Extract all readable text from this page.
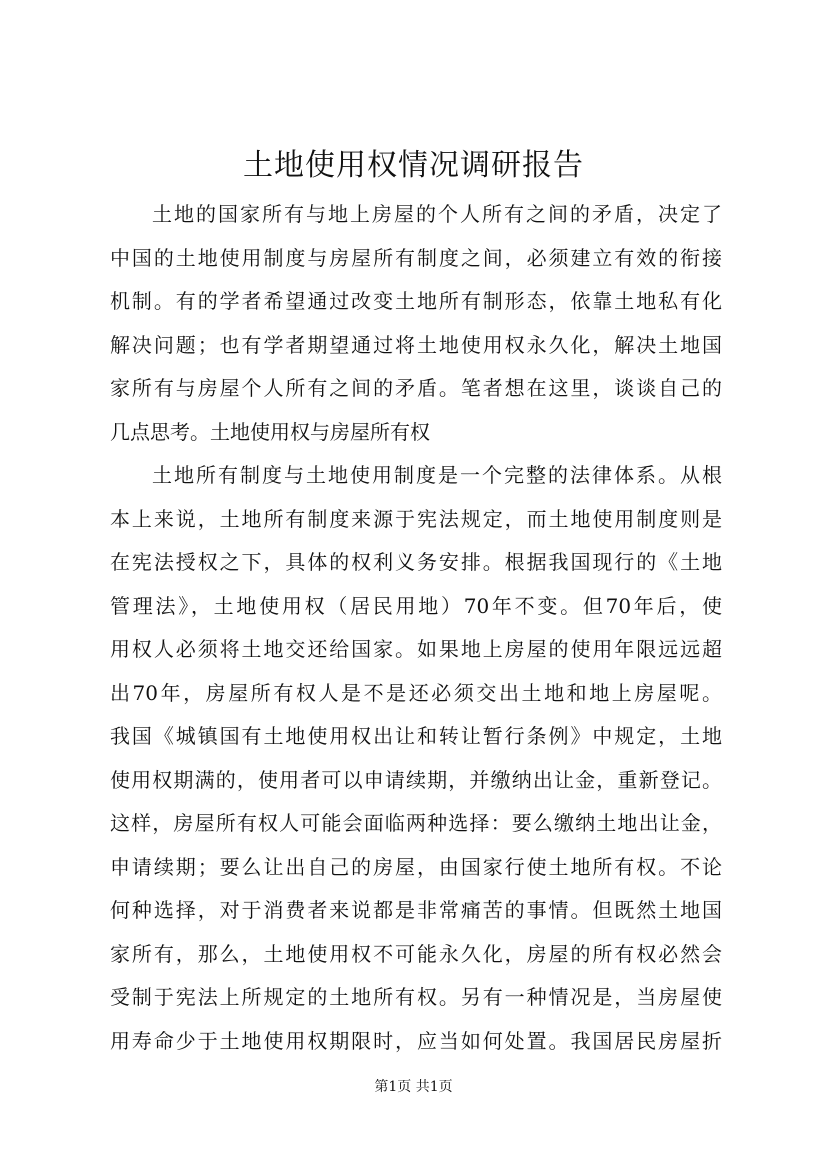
土地使用权情况调研报告
土地的国家所有与地上房屋的个人所有之间的矛盾，决定了
中国的土地使用制度与房屋所有制度之间，必须建立有效的衔接
机制。有的学者希望通过改变土地所有制形态，依靠土地私有化
解决问题；也有学者期望通过将土地使用权永久化，解决土地国
家所有与房屋个人所有之间的矛盾。笔者想在这里，谈谈自己的
几点思考。土地使用权与房屋所有权
土地所有制度与土地使用制度是一个完整的法律体系。从根
本上来说，土地所有制度来源于宪法规定，而土地使用制度则是
在宪法授权之下，具体的权利义务安排。根据我国现行的《土地
管理法》，土地使用权（居民用地）70年不变。但70年后，使
用权人必须将土地交还给国家。如果地上房屋的使用年限远远超
出70年，房屋所有权人是不是还必须交出土地和地上房屋呢。
我国《城镇国有土地使用权出让和转让暂行条例》中规定，土地
使用权期满的，使用者可以申请续期，并缴纳出让金，重新登记。
这样，房屋所有权人可能会面临两种选择：要么缴纳土地出让金，
申请续期；要么让出自己的房屋，由国家行使土地所有权。不论
何种选择，对于消费者来说都是非常痛苦的事情。但既然土地国
家所有，那么，土地使用权不可能永久化，房屋的所有权必然会
受制于宪法上所规定的土地所有权。另有一种情况是，当房屋使
用寿命少于土地使用权期限时，应当如何处置。我国居民房屋折
第1页 共1页
